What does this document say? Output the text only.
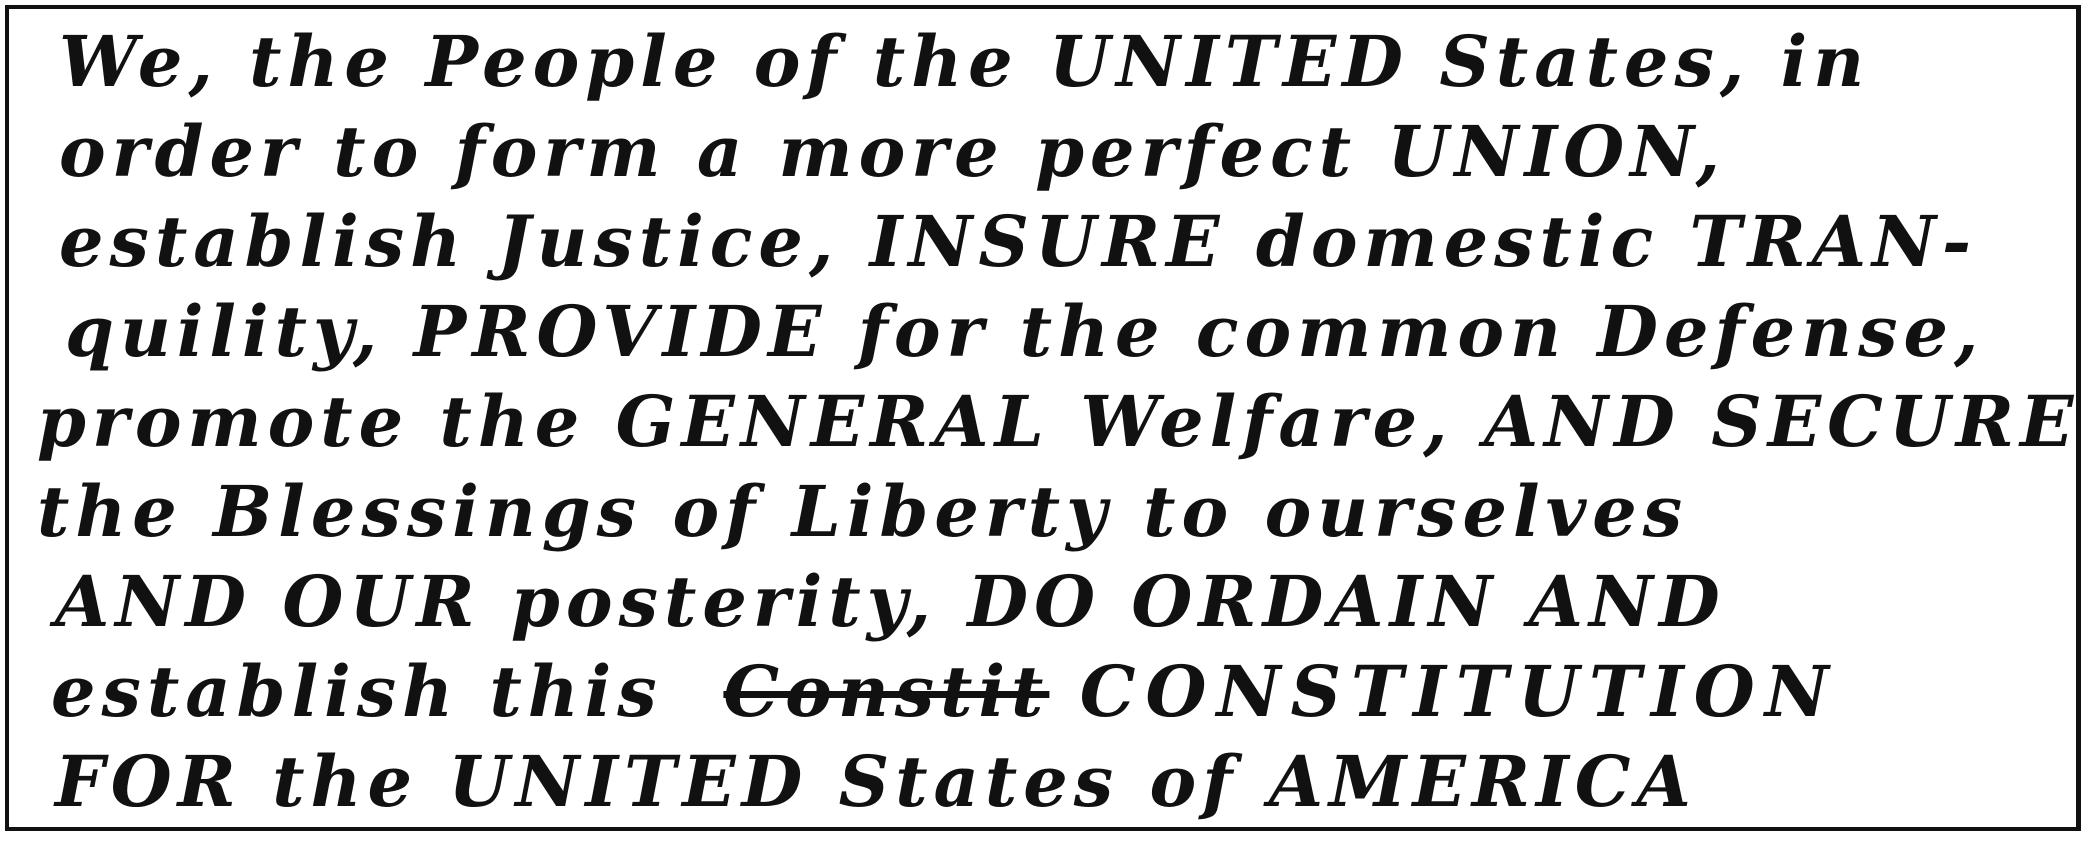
We, the People of the UNITED States, in
order to form a more perfect UNION,
establish Justice, INSURE domestic TRAN-
quility, PROVIDE for the common Defense,
promote the GENERAL Welfare, AND SECURE
the Blessings of Liberty to ourselves
AND OUR posterity, DO ORDAIN AND
establish this Constit CONSTITUTION
FOR the UNITED States of AMERICA
